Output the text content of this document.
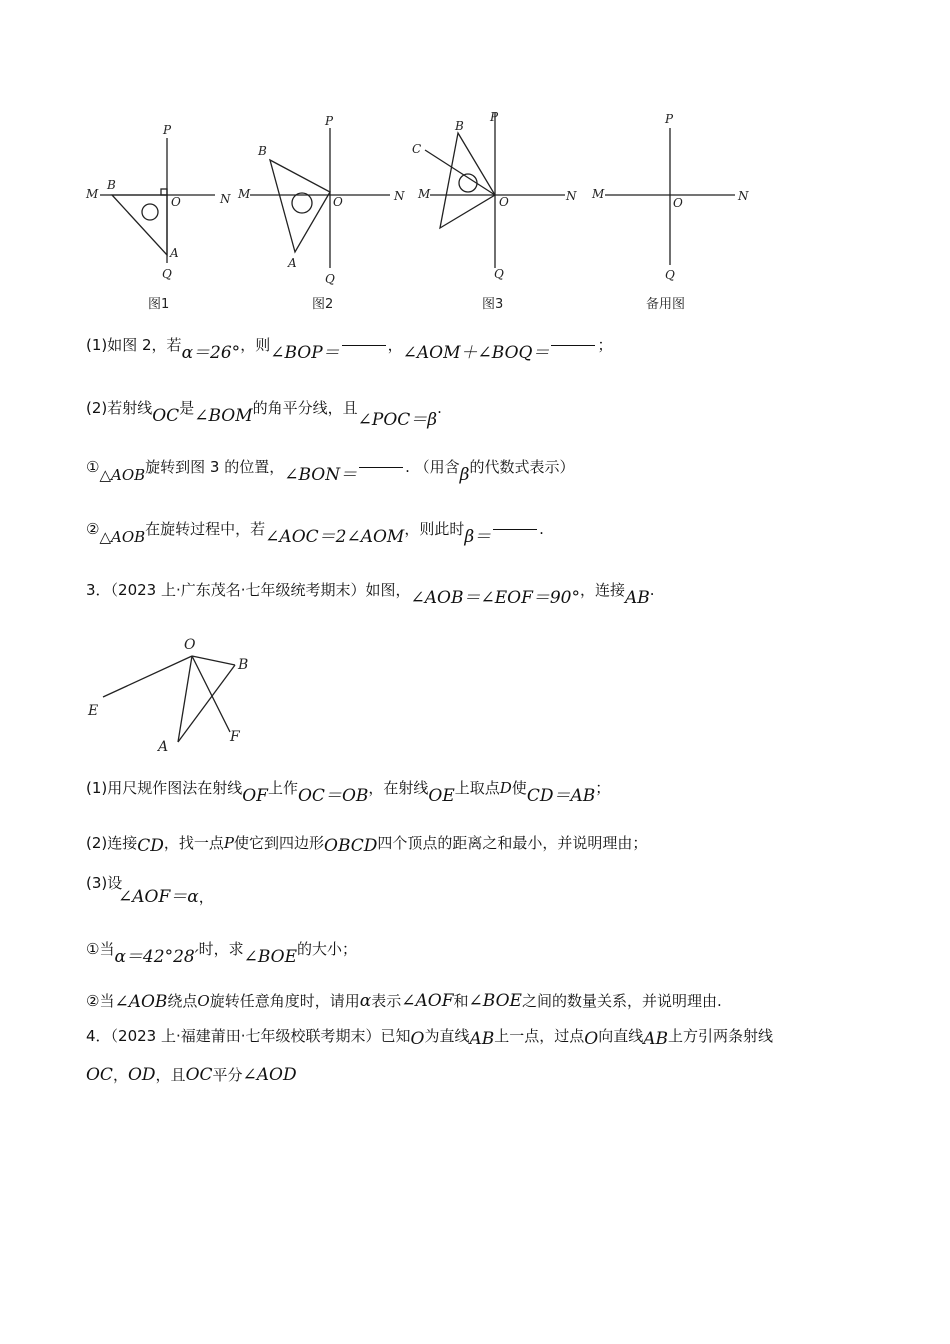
P
M
B
O	N
A
Q
图1
P
B
M
O	N
A
Q
图2
B
P
C
M
O	N
Q
图3
P
M
O	N
Q
备用图
(1)如图 2，若α＝26°，则∠BOP＝	，∠AOM＋∠BOQ＝	；
(2)若射线OC是∠BOM的角平分线，且∠POC＝β.
①△AOB旋转到图 3 的位置，∠BON＝	. （用含β的代数式表示）
②△AOB在旋转过程中，若∠AOC＝2∠AOM，则此时β＝	.
3．（2023 上·广东茂名·七年级统考期末）如图，∠AOB＝∠EOF＝90°，连接AB.
O
B
E
A
F
(1)用尺规作图法在射线OF上作OC＝OB，在射线OE上取点D使CD＝AB；
(2)连接CD，找一点P使它到四边形OBCD四个顶点的距离之和最小，并说明理由；
(3)设
∠AOF＝α，
①当α＝42°28′时，求∠BOE的大小；
②当∠AOB绕点O旋转任意角度时，请用α表示∠AOF和∠BOE之间的数量关系，并说明理由.
4．（2023 上·福建莆田·七年级校联考期末）已知O为直线AB上一点，过点O向直线AB上方引两条射线
OC，OD，且OC平分∠AOD
